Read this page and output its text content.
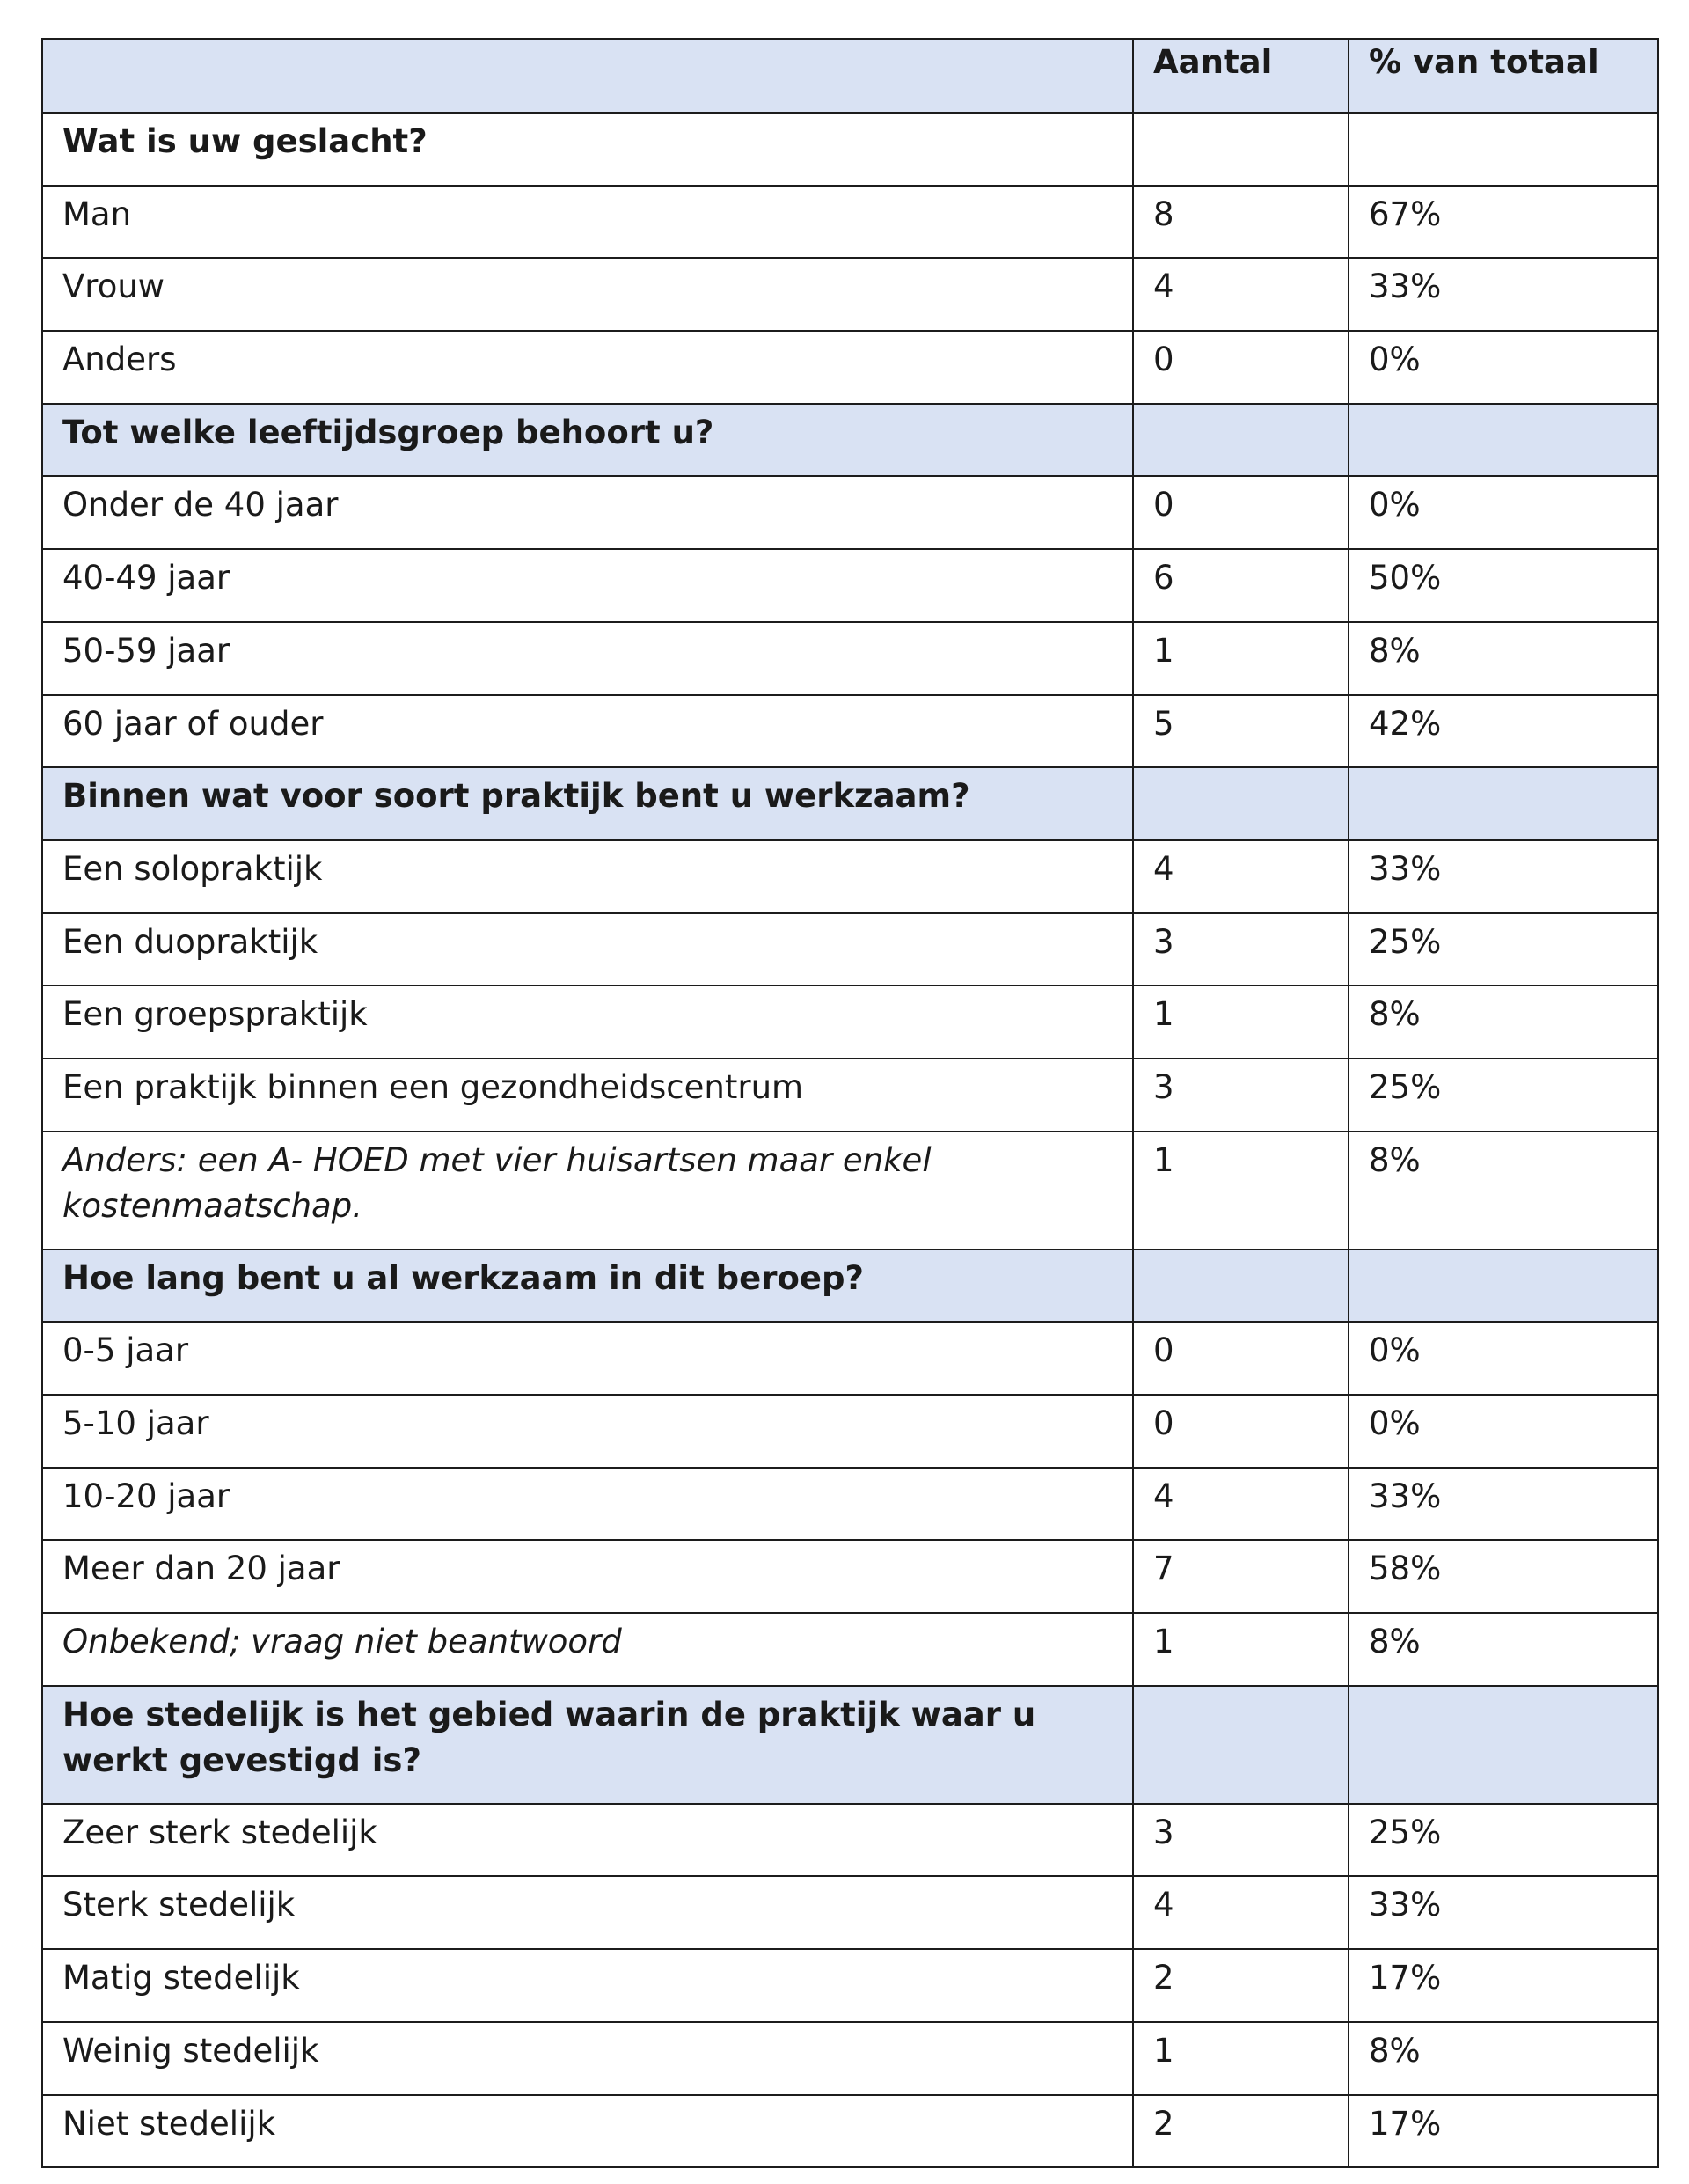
	Aantal	% van totaal
Wat is uw geslacht?		
Man	8	67%
Vrouw	4	33%
Anders	0	0%
Tot welke leeftijdsgroep behoort u?		
Onder de 40 jaar	0	0%
40-49 jaar	6	50%
50-59 jaar	1	8%
60 jaar of ouder	5	42%
Binnen wat voor soort praktijk bent u werkzaam?		
Een solopraktijk	4	33%
Een duopraktijk	3	25%
Een groepspraktijk	1	8%
Een praktijk binnen een gezondheidscentrum	3	25%
Anders: een A- HOED met vier huisartsen maar enkel kostenmaatschap.	1	8%
Hoe lang bent u al werkzaam in dit beroep?		
0-5 jaar	0	0%
5-10 jaar	0	0%
10-20 jaar	4	33%
Meer dan 20 jaar	7	58%
Onbekend; vraag niet beantwoord	1	8%
Hoe stedelijk is het gebied waarin de praktijk waar u werkt gevestigd is?		
Zeer sterk stedelijk	3	25%
Sterk stedelijk	4	33%
Matig stedelijk	2	17%
Weinig stedelijk	1	8%
Niet stedelijk	2	17%
